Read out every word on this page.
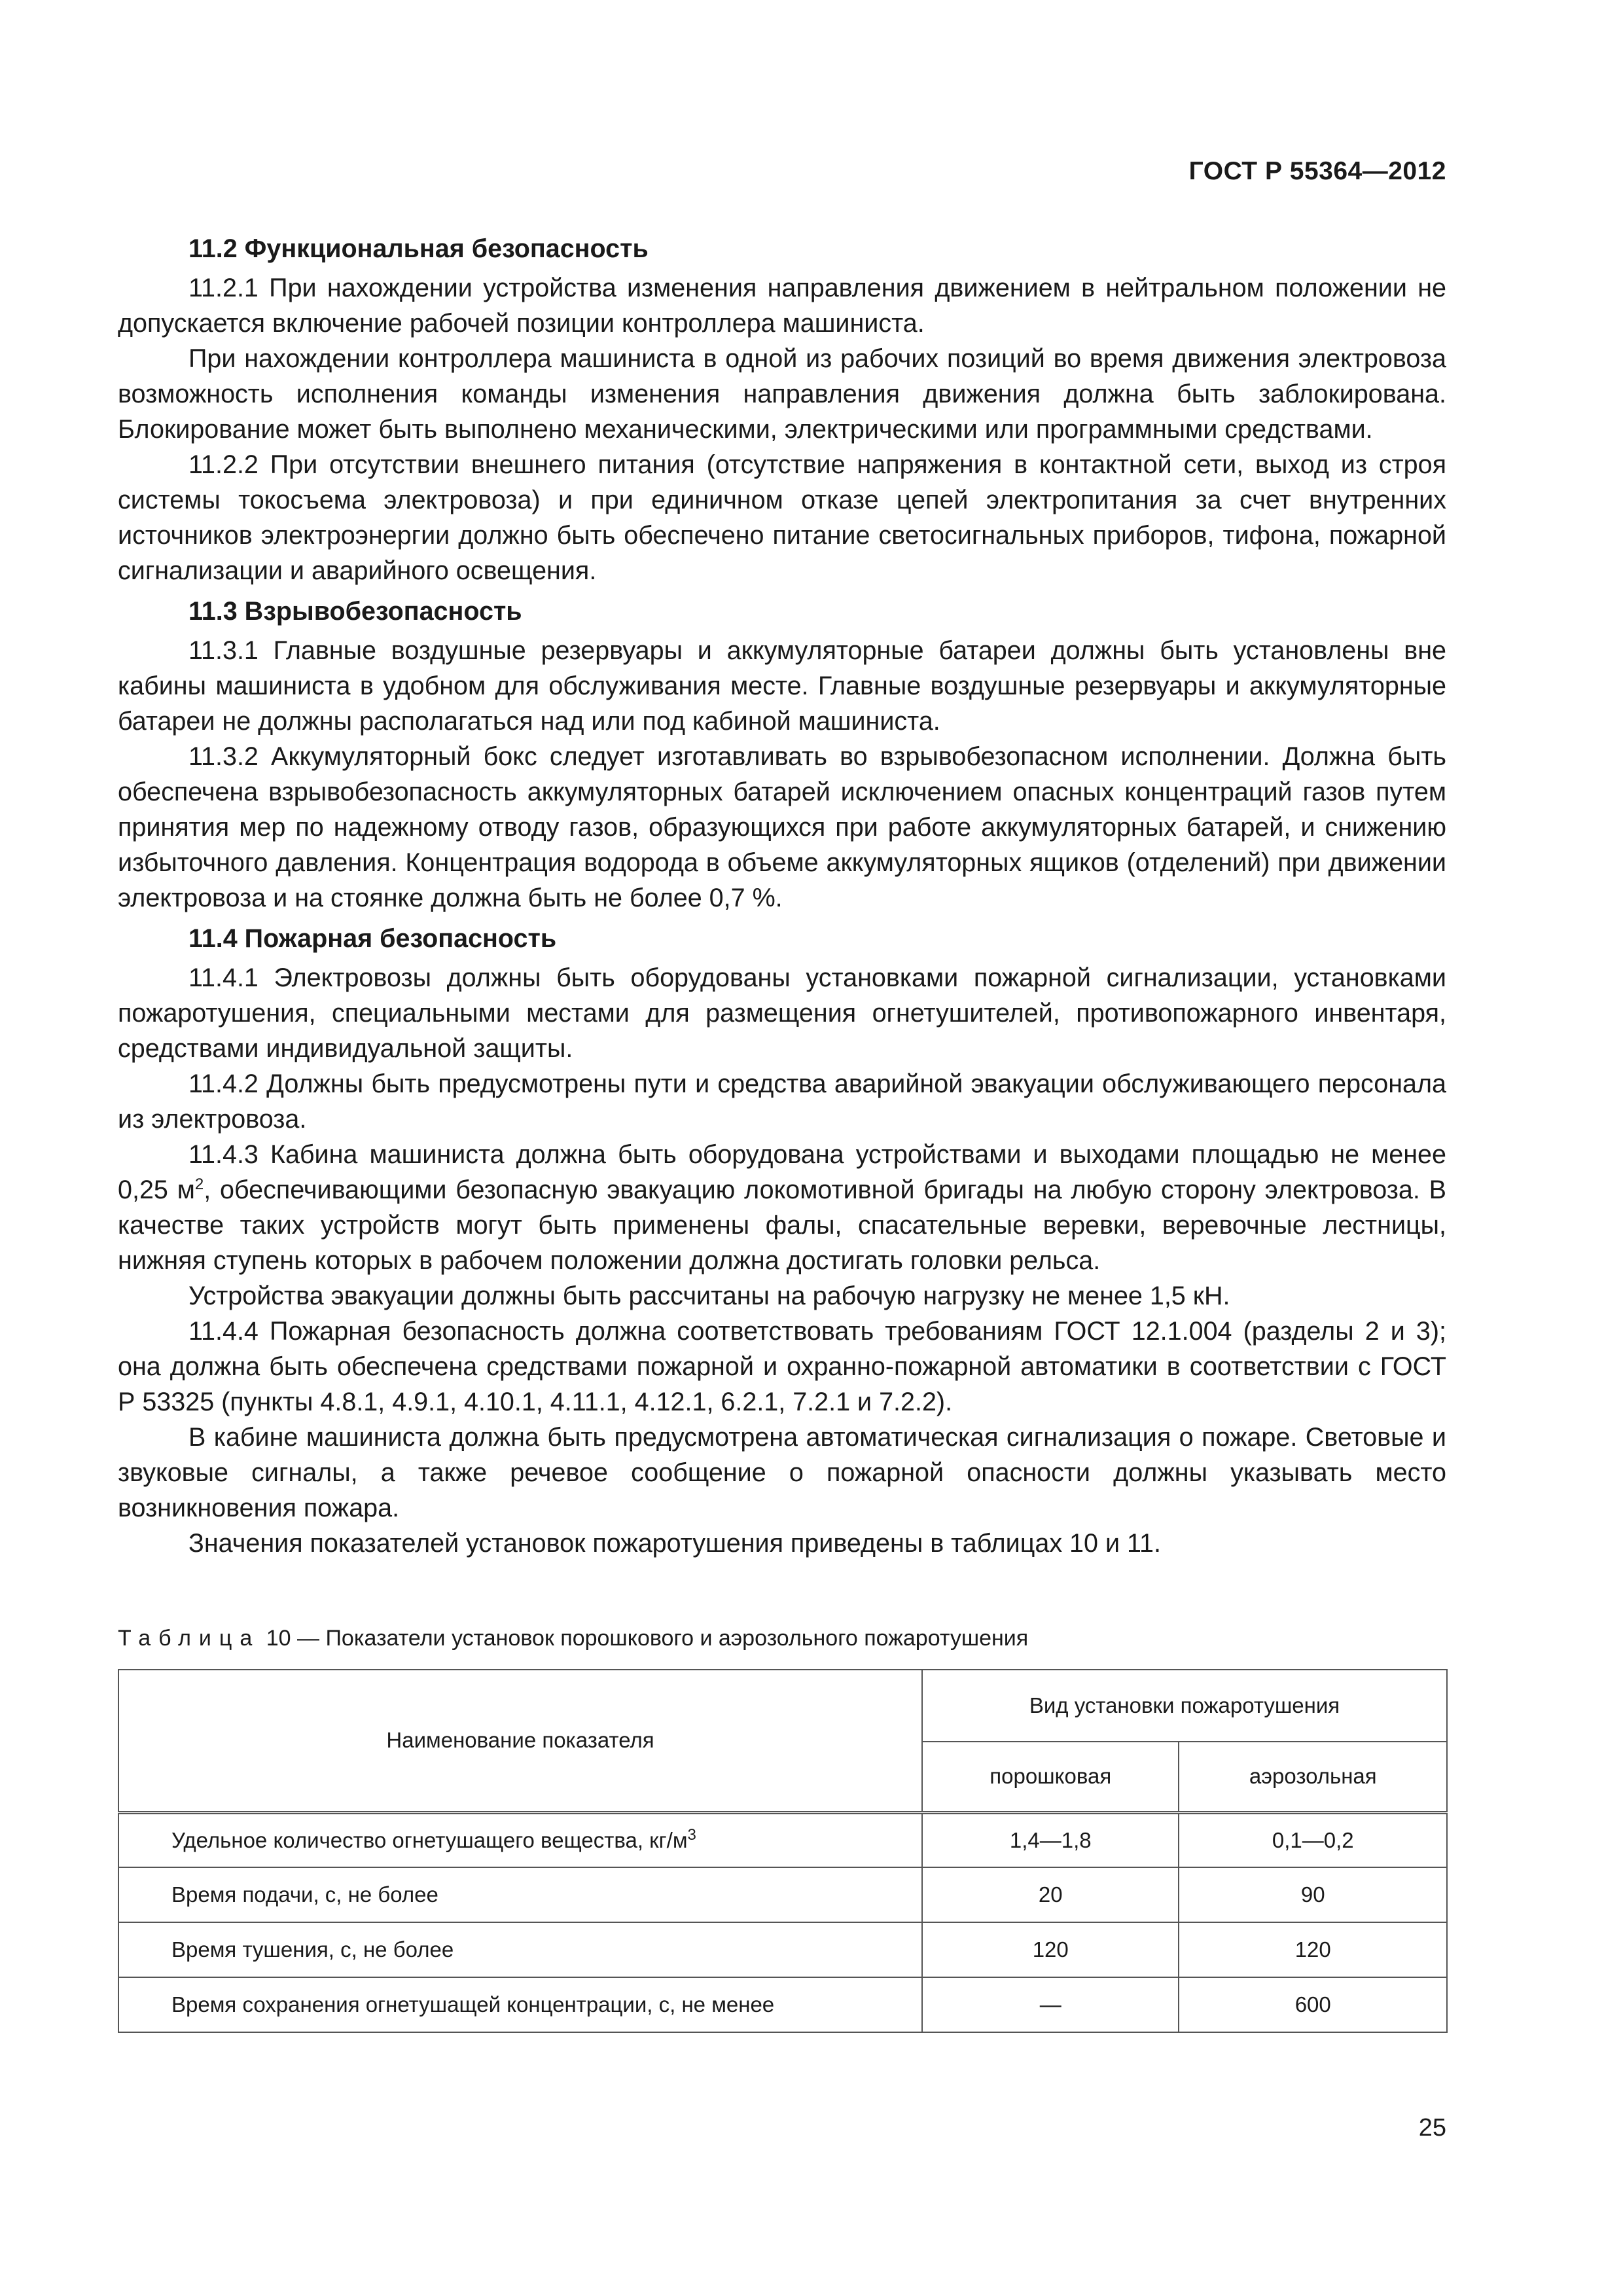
ГОСТ Р 55364—2012
11.2 Функциональная безопасность

11.2.1 При нахождении устройства изменения направления движением в нейтральном положении не допускается включение рабочей позиции контроллера машиниста.

При нахождении контроллера машиниста в одной из рабочих позиций во время движения электровоза возможность исполнения команды изменения направления движения должна быть заблокирована. Блокирование может быть выполнено механическими, электрическими или программными средствами.

11.2.2 При отсутствии внешнего питания (отсутствие напряжения в контактной сети, выход из строя системы токосъема электровоза) и при единичном отказе цепей электропитания за счет внутренних источников электроэнергии должно быть обеспечено питание светосигнальных приборов, тифона, пожарной сигнализации и аварийного освещения.

11.3 Взрывобезопасность

11.3.1 Главные воздушные резервуары и аккумуляторные батареи должны быть установлены вне кабины машиниста в удобном для обслуживания месте. Главные воздушные резервуары и аккумуляторные батареи не должны располагаться над или под кабиной машиниста.

11.3.2 Аккумуляторный бокс следует изготавливать во взрывобезопасном исполнении. Должна быть обеспечена взрывобезопасность аккумуляторных батарей исключением опасных концентраций газов путем принятия мер по надежному отводу газов, образующихся при работе аккумуляторных батарей, и снижению избыточного давления. Концентрация водорода в объеме аккумуляторных ящиков (отделений) при движении электровоза и на стоянке должна быть не более 0,7 %.

11.4 Пожарная безопасность

11.4.1 Электровозы должны быть оборудованы установками пожарной сигнализации, установками пожаротушения, специальными местами для размещения огнетушителей, противопожарного инвентаря, средствами индивидуальной защиты.

11.4.2 Должны быть предусмотрены пути и средства аварийной эвакуации обслуживающего персонала из электровоза.

11.4.3 Кабина машиниста должна быть оборудована устройствами и выходами площадью не менее 0,25 $м^2$, обеспечивающими безопасную эвакуацию локомотивной бригады на любую сторону электровоза. В качестве таких устройств могут быть применены фалы, спасательные веревки, веревочные лестницы, нижняя ступень которых в рабочем положении должна достигать головки рельса.

Устройства эвакуации должны быть рассчитаны на рабочую нагрузку не менее 1,5 кН.

11.4.4 Пожарная безопасность должна соответствовать требованиям ГОСТ 12.1.004 (разделы 2 и 3); она должна быть обеспечена средствами пожарной и охранно-пожарной автоматики в соответствии с ГОСТ Р 53325 (пункты 4.8.1, 4.9.1, 4.10.1, 4.11.1, 4.12.1, 6.2.1, 7.2.1 и 7.2.2).

В кабине машиниста должна быть предусмотрена автоматическая сигнализация о пожаре. Световые и звуковые сигналы, а также речевое сообщение о пожарной опасности должны указывать место возникновения пожара.

Значения показателей установок пожаротушения приведены в таблицах 10 и 11.

Таблица 10 — Показатели установок порошкового и аэрозольного пожаротушения
Наименование показателя	Вид установки пожаротушения	
	порошковая	аэрозольная
Удельное количество огнетушащего вещества, $кг/м^3$	1,4—1,8	0,1—0,2
Время подачи, с, не более	20	90
Время тушения, с, не более	120	120
Время сохранения огнетушащей концентрации, с, не менее	—	600
25
